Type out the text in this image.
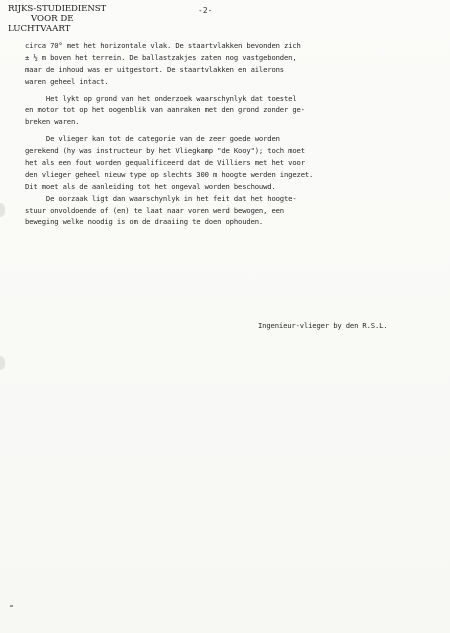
RIJKS-STUDIEDIENST
VOOR DE
LUCHTVAART
-2-
circa 70° met het horizontale vlak. De staartvlakken bevonden zich
± ½ m boven het terrein. De ballastzakjes zaten nog vastgebonden,
maar de inhoud was er uitgestort. De staartvlakken en ailerons
waren geheel intact.
Het lykt op grond van het onderzoek waarschynlyk dat toestel
en motor tot op het oogenblik van aanraken met den grond zonder ge-
breken waren.
De vlieger kan tot de categorie van de zeer goede worden
gerekend (hy was instructeur by het Vliegkamp "de Kooy"); toch moet
het als een fout worden gequalificeerd dat de Villiers met het voor
den vlieger geheel nieuw type op slechts 300 m hoogte werden ingezet.
Dit moet als de aanleiding tot het ongeval worden beschouwd.
De oorzaak ligt dan waarschynlyk in het feit dat het hoogte-
stuur onvoldoende of (en) te laat naar voren werd bewogen, een
beweging welke noodig is om de draaiing te doen ophouden.
Ingenieur-vlieger by den R.S.L.
